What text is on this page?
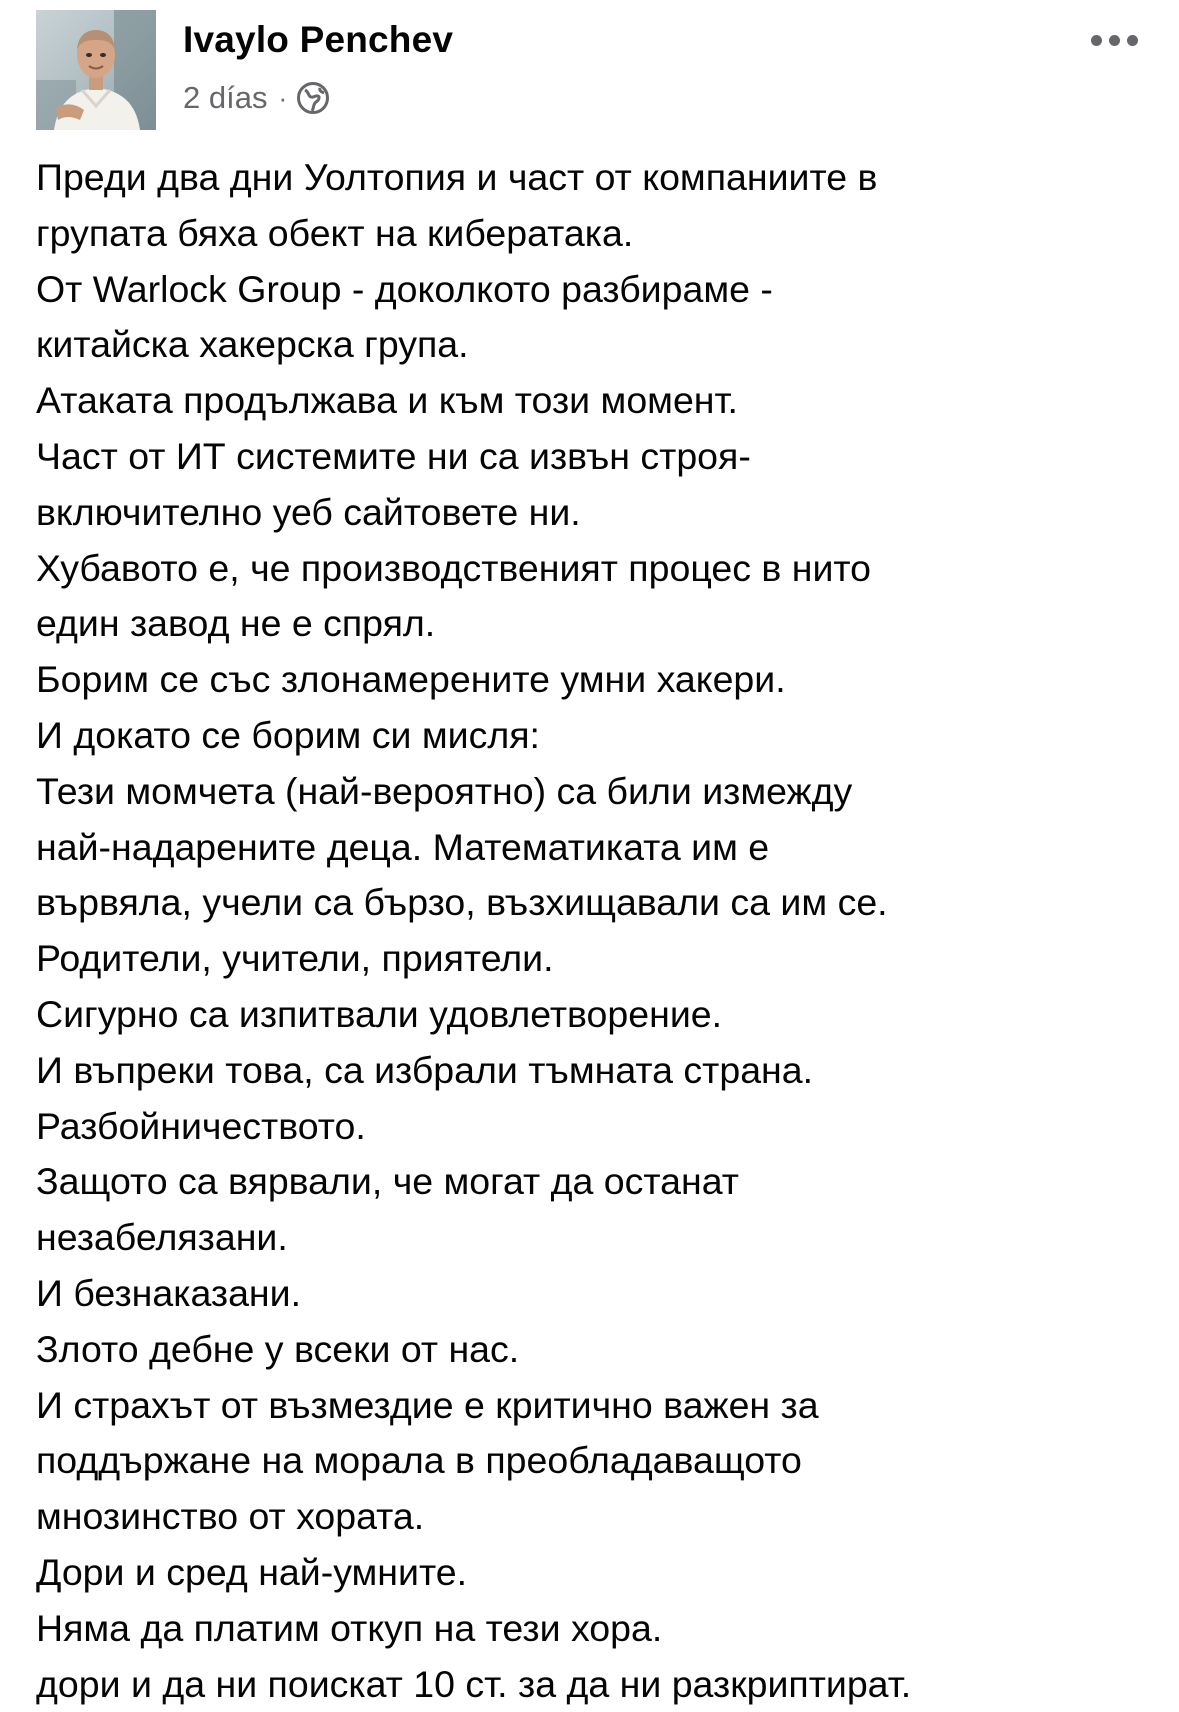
Ivaylo Penchev
2 días ·
Преди два дни Уолтопия и част от компаниите в
групата бяха обект на кибератака.
От Warlock Group - доколкото разбираме -
китайска хакерска група.
Атаката продължава и към този момент.
Част от ИТ системите ни са извън строя-
включително уеб сайтовете ни.
Хубавото е, че производственият процес в нито
един завод не е спрял.
Борим се със злонамерените умни хакери.
И докато се борим си мисля:
Тези момчета (най-вероятно) са били измежду
най-надарените деца. Математиката им е
вървяла, учели са бързо, възхищавали са им се.
Родители, учители, приятели.
Сигурно са изпитвали удовлетворение.
И въпреки това, са избрали тъмната страна.
Разбойничеството.
Защото са вярвали, че могат да останат
незабелязани.
И безнаказани.
Злото дебне у всеки от нас.
И страхът от възмездие е критично важен за
поддържане на морала в преобладаващото
мнозинство от хората.
Дори и сред най-умните.
Няма да платим откуп на тези хора.
дори и да ни поискат 10 ст. за да ни разкриптират.
